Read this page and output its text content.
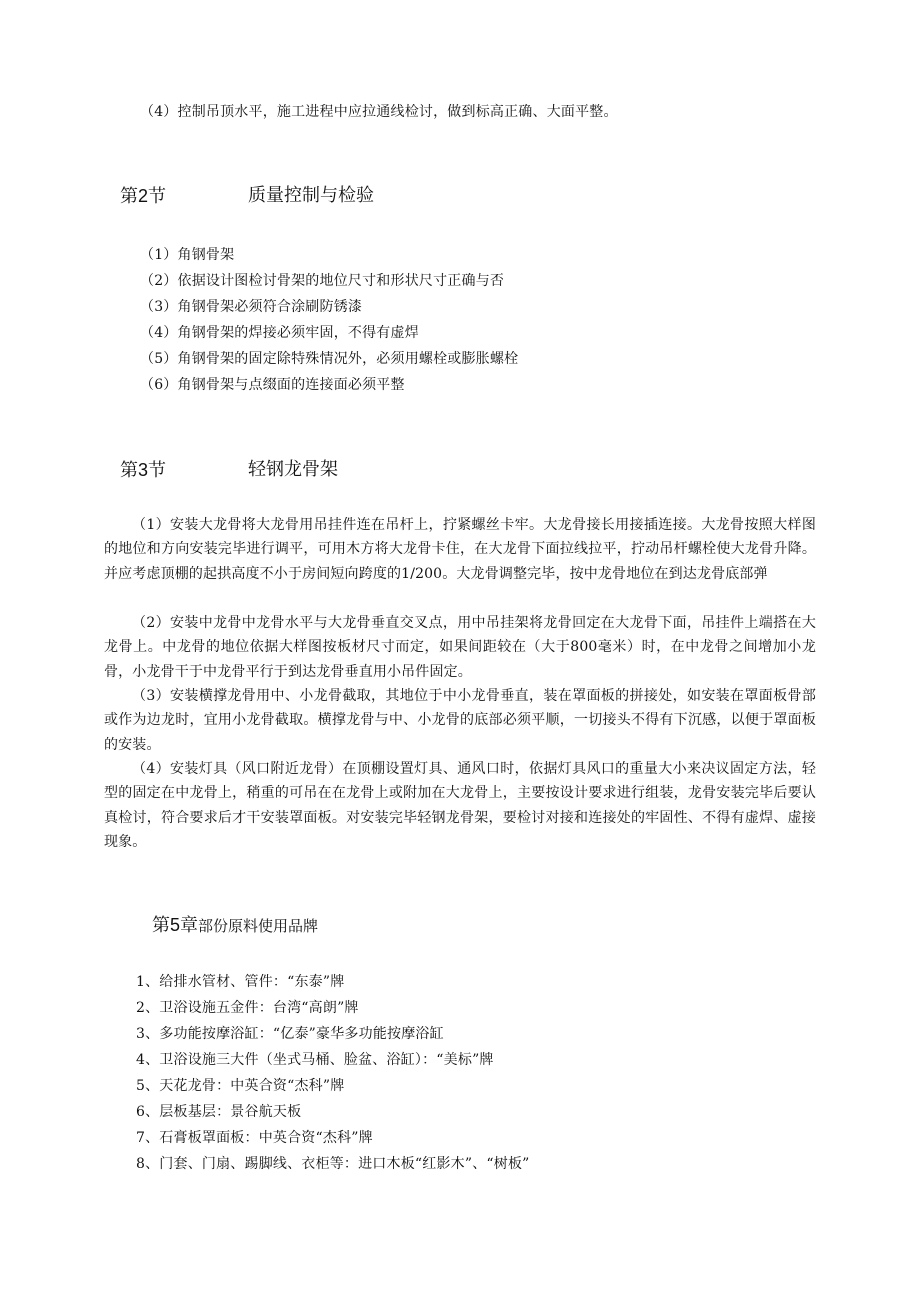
（4）控制吊顶水平，施工进程中应拉通线检讨，做到标高正确、大面平整。
第2节	质量控制与检验
（1）角钢骨架
（2）依据设计图检讨骨架的地位尺寸和形状尺寸正确与否
（3）角钢骨架必须符合涂刷防锈漆
（4）角钢骨架的焊接必须牢固，不得有虚焊
（5）角钢骨架的固定除特殊情况外，必须用螺栓或膨胀螺栓
（6）角钢骨架与点缀面的连接面必须平整
第3节	轻钢龙骨架
（1）安装大龙骨将大龙骨用吊挂件连在吊杆上，拧紧螺丝卡牢。大龙骨接长用接插连接。大龙骨按照大样图的地位和方向安装完毕进行调平，可用木方将大龙骨卡住，在大龙骨下面拉线拉平，拧动吊杆螺栓使大龙骨升降。并应考虑顶棚的起拱高度不小于房间短向跨度的1/200。大龙骨调整完毕，按中龙骨地位在到达龙骨底部弹
（2）安装中龙骨中龙骨水平与大龙骨垂直交叉点，用中吊挂架将龙骨回定在大龙骨下面，吊挂件上端搭在大龙骨上。中龙骨的地位依据大样图按板材尺寸而定，如果间距较在（大于800毫米）时，在中龙骨之间增加小龙骨，小龙骨干于中龙骨平行于到达龙骨垂直用小吊件固定。
（3）安装横撑龙骨用中、小龙骨截取，其地位于中小龙骨垂直，装在罩面板的拼接处，如安装在罩面板骨部或作为边龙时，宜用小龙骨截取。横撑龙骨与中、小龙骨的底部必须平顺，一切接头不得有下沉感，以便于罩面板的安装。
（4）安装灯具（风口附近龙骨）在顶棚设置灯具、通风口时，依据灯具风口的重量大小来决议固定方法，轻型的固定在中龙骨上，稍重的可吊在在龙骨上或附加在大龙骨上，主要按设计要求进行组装，龙骨安装完毕后要认真检讨，符合要求后才干安装罩面板。对安装完毕轻钢龙骨架，要检讨对接和连接处的牢固性、不得有虚焊、虚接现象。
第5章部份原料使用品牌
1、给排水管材、管件：“东泰”牌
2、卫浴设施五金件：台湾“高朗”牌
3、多功能按摩浴缸：“亿泰”豪华多功能按摩浴缸
4、卫浴设施三大件（坐式马桶、脸盆、浴缸）：“美标”牌
5、天花龙骨：中英合资“杰科”牌
6、层板基层：景谷航天板
7、石膏板罩面板：中英合资“杰科”牌
8、门套、门扇、踢脚线、衣柜等：进口木板“红影木”、“树板”
